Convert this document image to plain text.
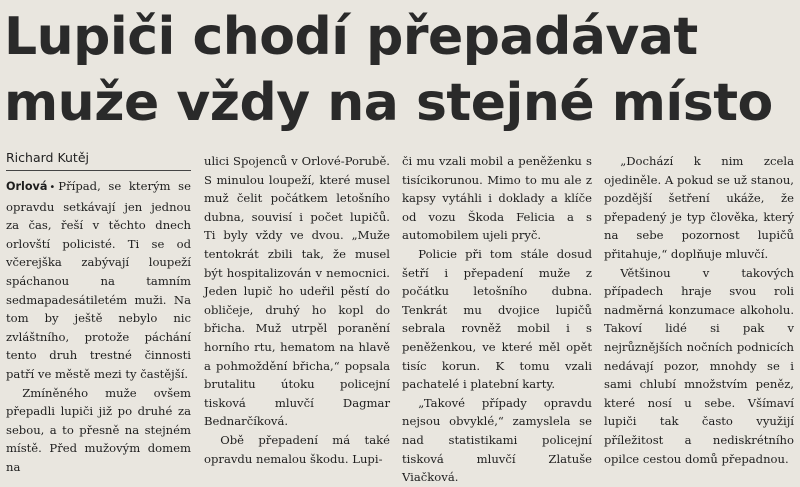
Lupiči chodí přepadávat
muže vždy na stejné místo
Richard Kutěj

Orlová • Případ, se kterým se opravdu setkávají jen jednou za čas, řeší v těchto dnech orlovští policisté. Ti se od včerejška zabývají loupeží spáchanou na tamním sedmapadesátiletém muži. Na tom by ještě nebylo nic zvláštního, protože páchání tento druh trestné činnosti patří ve městě mezi ty častější.

Zmíněného muže ovšem přepadli lupiči již po druhé za sebou, a to přesně na stejném místě. Před mužovým domem na

ulici Spojenců v Orlové-Porubě. S minulou loupeží, které musel muž čelit počátkem letošního dubna, souvisí i počet lupičů. Ti byly vždy ve dvou. „Muže tentokrát zbili tak, že musel být hospitalizován v nemocnici. Jeden lupič ho udeřil pěstí do obličeje, druhý ho kopl do břicha. Muž utrpěl poranění horního rtu, hematom na hlavě a pohmoždění břicha,“ popsala brutalitu útoku policejní tisková mluvčí Dagmar Bednarčíková.

Obě přepadení má také opravdu nemalou škodu. Lupi-

či mu vzali mobil a peněženku s tisícikorunou. Mimo to mu ale z kapsy vytáhli i doklady a klíče od vozu Škoda Felicia a s automobilem ujeli pryč.

Policie při tom stále dosud šetří i přepadení muže z počátku letošního dubna. Tenkrát mu dvojice lupičů sebrala rovněž mobil i s peněženkou, ve které měl opět tisíc korun. K tomu vzali pachatelé i platební karty.

„Takové případy opravdu nejsou obvyklé,“ zamyslela se nad statistikami policejní tisková mluvčí Zlatuše Viačková.

„Dochází k nim zcela ojediněle. A pokud se už stanou, pozdější šetření ukáže, že přepadený je typ člověka, který na sebe pozornost lupičů přitahuje,“ doplňuje mluvčí.

Většinou v takových případech hraje svou roli nadměrná konzumace alkoholu. Takoví lidé si pak v nejrůznějších nočních podnicích nedávají pozor, mnohdy se i sami chlubí množstvím peněz, které nosí u sebe. Všímaví lupiči tak často využijí příležitost a nediskrétního opilce cestou domů přepadnou.
